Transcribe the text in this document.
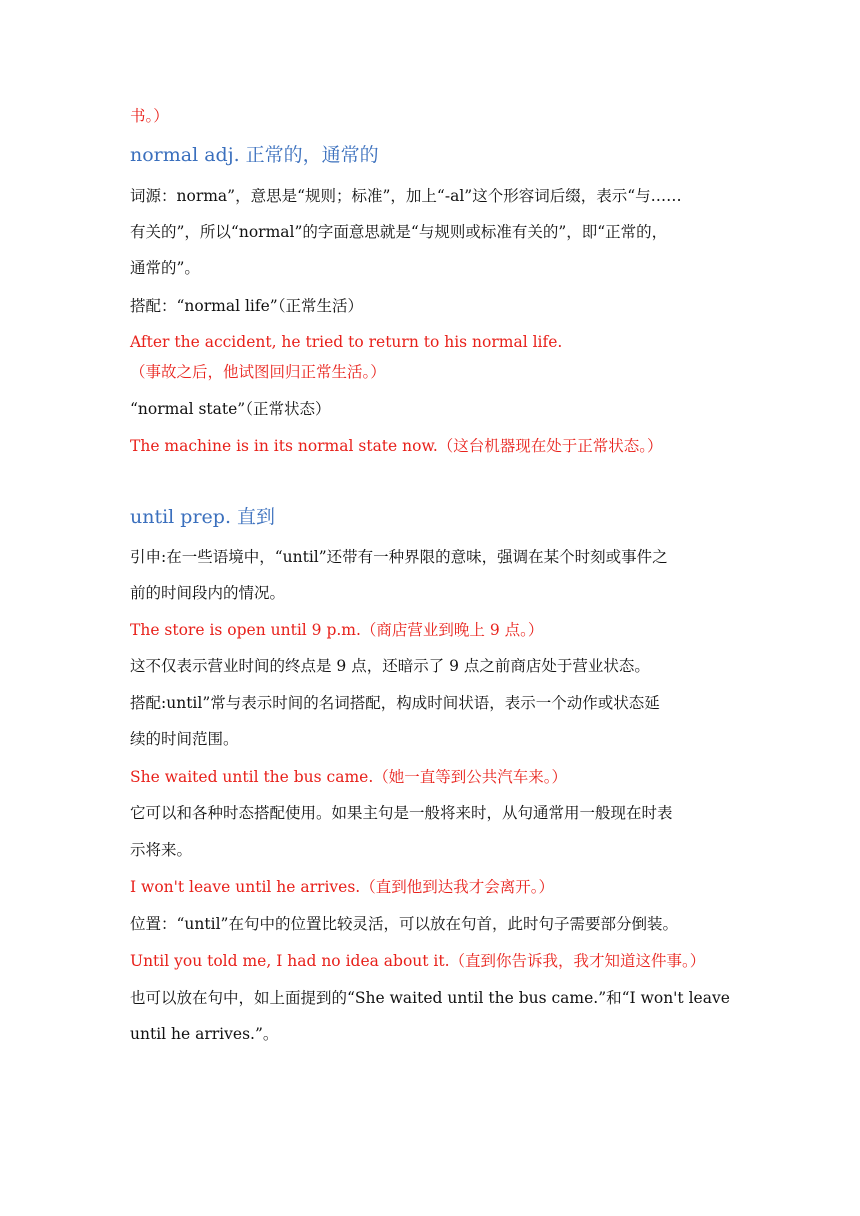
书。）
normal adj. 正常的，通常的
词源：norma”，意思是“规则；标准”，加上“-al”这个形容词后缀，表示“与……
有关的”，所以“normal”的字面意思就是“与规则或标准有关的”，即“正常的，
通常的”。
搭配：“normal life”（正常生活）
After the accident, he tried to return to his normal life.
（事故之后，他试图回归正常生活。）
“normal state”（正常状态）
The machine is in its normal state now.（这台机器现在处于正常状态。）
until prep. 直到
引申:在一些语境中，“until”还带有一种界限的意味，强调在某个时刻或事件之
前的时间段内的情况。
The store is open until 9 p.m.（商店营业到晚上 9 点。）
这不仅表示营业时间的终点是 9 点，还暗示了 9 点之前商店处于营业状态。
搭配:until”常与表示时间的名词搭配，构成时间状语，表示一个动作或状态延
续的时间范围。
She waited until the bus came.（她一直等到公共汽车来。）
它可以和各种时态搭配使用。如果主句是一般将来时，从句通常用一般现在时表
示将来。
I won't leave until he arrives.（直到他到达我才会离开。）
位置：“until”在句中的位置比较灵活，可以放在句首，此时句子需要部分倒装。
Until you told me, I had no idea about it.（直到你告诉我，我才知道这件事。）
也可以放在句中，如上面提到的“She waited until the bus came.”和“I won't leave
until he arrives.”。
